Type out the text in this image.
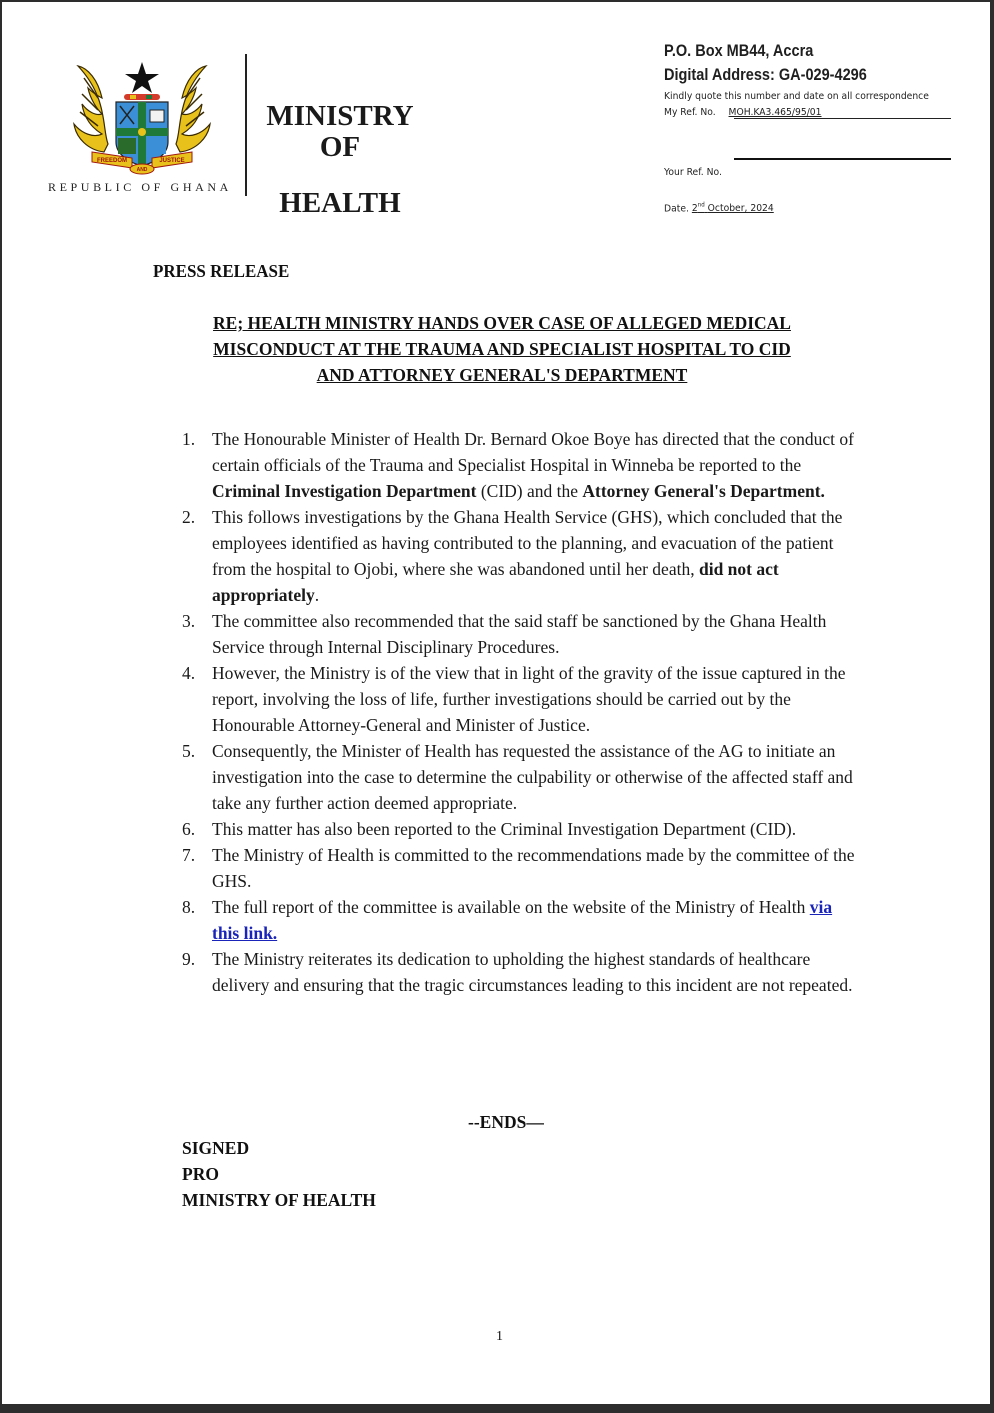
FREEDOM	JUSTICE
AND
REPUBLIC OF GHANA
MINISTRY
OF
HEALTH
P.O. Box MB44, Accra
Digital Address: GA-029-4296
Kindly quote this number and date on all correspondence
My Ref. No. MOH.KA3.465/95/01
Your Ref. No.
Date. 2nd October, 2024
PRESS RELEASE
RE; HEALTH MINISTRY HANDS OVER CASE OF ALLEGED MEDICAL
MISCONDUCT AT THE TRAUMA AND SPECIALIST HOSPITAL TO CID
AND ATTORNEY GENERAL'S DEPARTMENT
1. The Honourable Minister of Health Dr. Bernard Okoe Boye has directed that the conduct of certain officials of the Trauma and Specialist Hospital in Winneba be reported to the Criminal Investigation Department (CID) and the Attorney General's Department.
2. This follows investigations by the Ghana Health Service (GHS), which concluded that the employees identified as having contributed to the planning, and evacuation of the patient from the hospital to Ojobi, where she was abandoned until her death, did not act appropriately.
3. The committee also recommended that the said staff be sanctioned by the Ghana Health Service through Internal Disciplinary Procedures.
4. However, the Ministry is of the view that in light of the gravity of the issue captured in the report, involving the loss of life, further investigations should be carried out by the Honourable Attorney-General and Minister of Justice.
5. Consequently, the Minister of Health has requested the assistance of the AG to initiate an investigation into the case to determine the culpability or otherwise of the affected staff and take any further action deemed appropriate.
6. This matter has also been reported to the Criminal Investigation Department (CID).
7. The Ministry of Health is committed to the recommendations made by the committee of the GHS.
8. The full report of the committee is available on the website of the Ministry of Health via this link.
9. The Ministry reiterates its dedication to upholding the highest standards of healthcare delivery and ensuring that the tragic circumstances leading to this incident are not repeated.
--ENDS—
SIGNED
PRO
MINISTRY OF HEALTH
1
